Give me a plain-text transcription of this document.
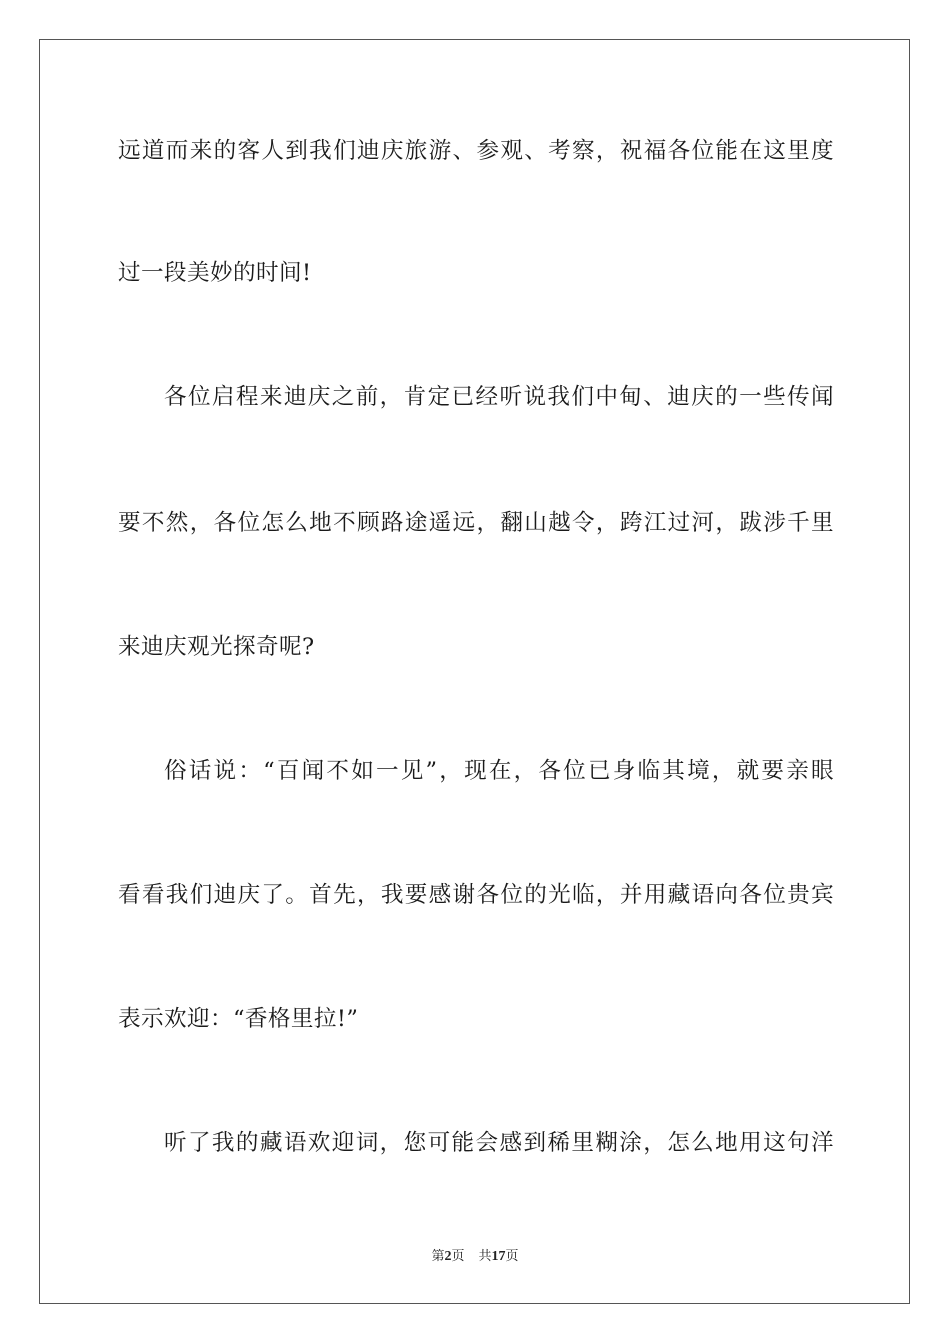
远道而来的客人到我们迪庆旅游、参观、考察，祝福各位能在这里度
过一段美妙的时间!
各位启程来迪庆之前，肯定已经听说我们中甸、迪庆的一些传闻
要不然，各位怎么地不顾路途遥远，翻山越令，跨江过河，跋涉千里
来迪庆观光探奇呢?
俗话说：“百闻不如一见”，现在，各位已身临其境，就要亲眼
看看我们迪庆了。首先，我要感谢各位的光临，并用藏语向各位贵宾
表示欢迎：“香格里拉!”
听了我的藏语欢迎词，您可能会感到稀里糊涂，怎么地用这句洋
第2页 共17页
